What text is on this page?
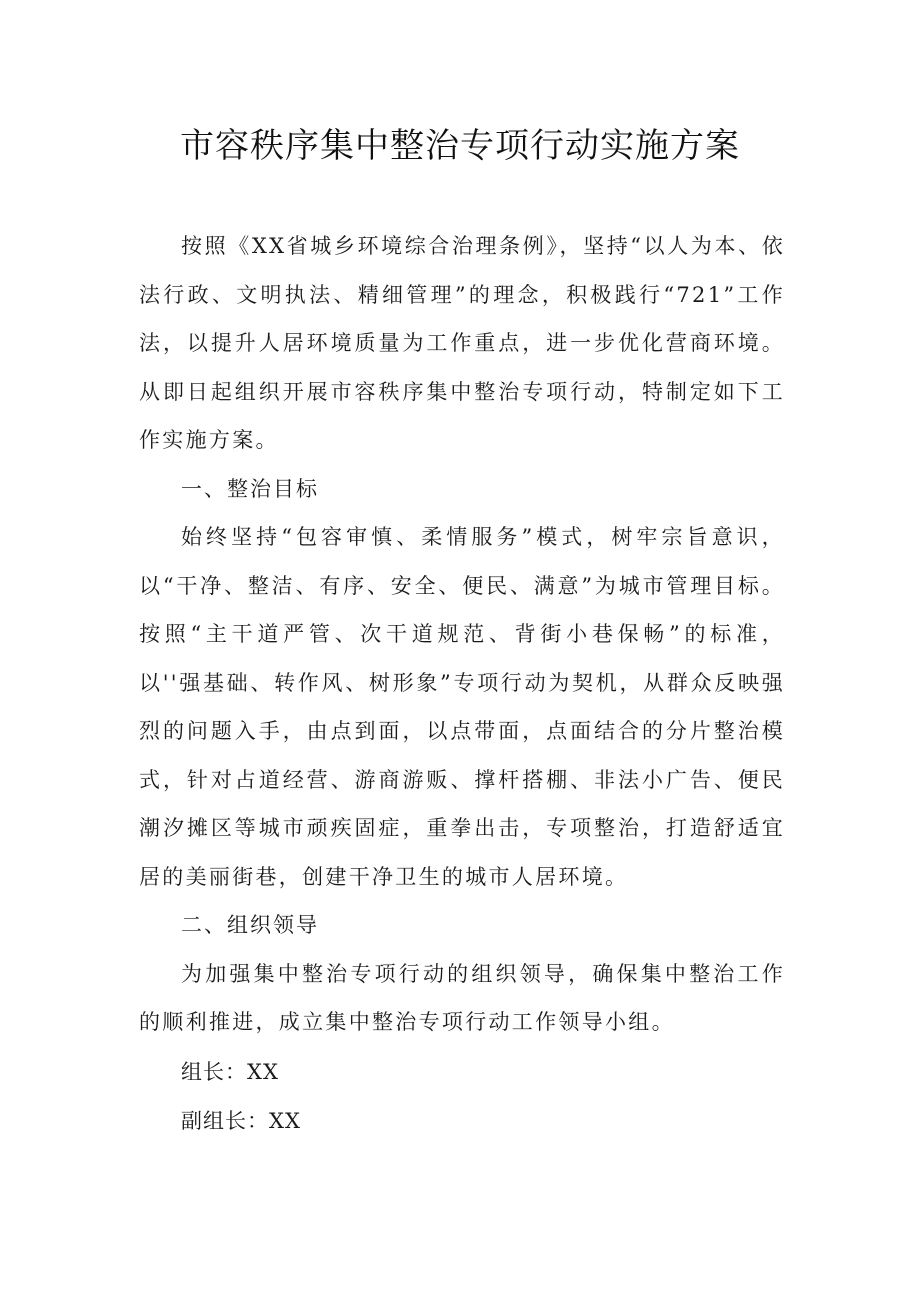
市容秩序集中整治专项行动实施方案

按照《XX省城乡环境综合治理条例》，坚持“以人为本、依法行政、文明执法、精细管理”的理念，积极践行“721”工作法，以提升人居环境质量为工作重点，进一步优化营商环境。从即日起组织开展市容秩序集中整治专项行动，特制定如下工作实施方案。

一、整治目标

始终坚持“包容审慎、柔情服务”模式，树牢宗旨意识，以“干净、整洁、有序、安全、便民、满意”为城市管理目标。按照“主干道严管、次干道规范、背街小巷保畅”的标准，以''强基础、转作风、树形象”专项行动为契机，从群众反映强烈的问题入手，由点到面，以点带面，点面结合的分片整治模式，针对占道经营、游商游贩、撑杆搭棚、非法小广告、便民潮汐摊区等城市顽疾固症，重拳出击，专项整治，打造舒适宜居的美丽街巷，创建干净卫生的城市人居环境。

二、组织领导

为加强集中整治专项行动的组织领导，确保集中整治工作的顺利推进，成立集中整治专项行动工作领导小组。

组长：XX

副组长：XX
